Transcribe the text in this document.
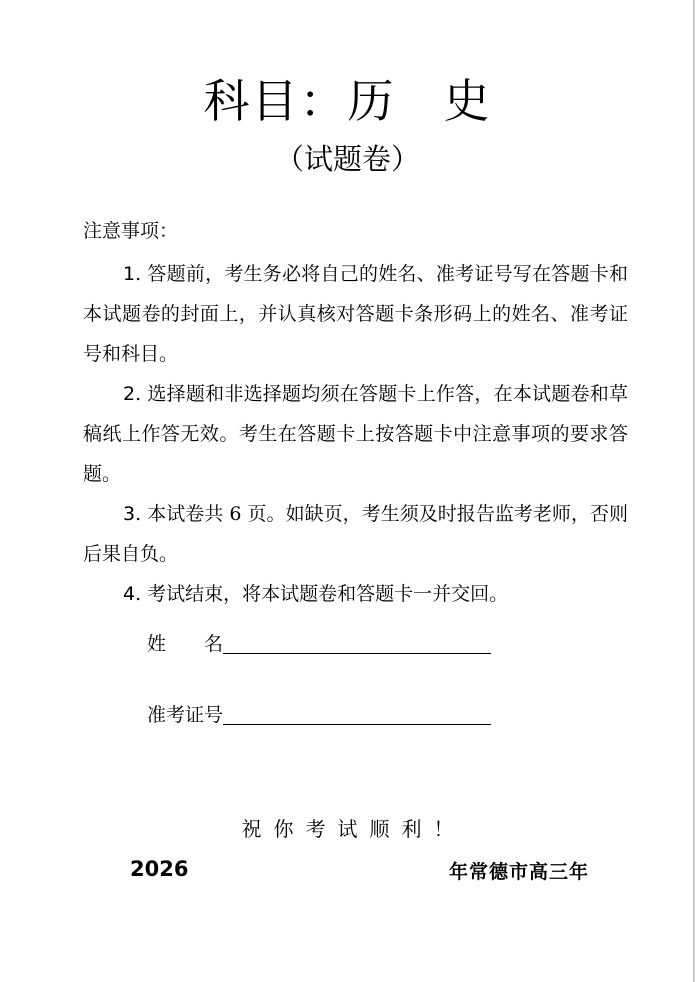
科目：历　史
（试题卷）
注意事项：

1. 答题前，考生务必将自己的姓名、准考证号写在答题卡和本试题卷的封面上，并认真核对答题卡条形码上的姓名、准考证号和科目。

2. 选择题和非选择题均须在答题卡上作答，在本试题卷和草稿纸上作答无效。考生在答题卡上按答题卡中注意事项的要求答题。

3. 本试卷共 6 页。如缺页，考生须及时报告监考老师，否则后果自负。

4. 考试结束，将本试题卷和答题卡一并交回。

姓　　名
准考证号
祝你考试顺利！
2026	年常德市高三年
